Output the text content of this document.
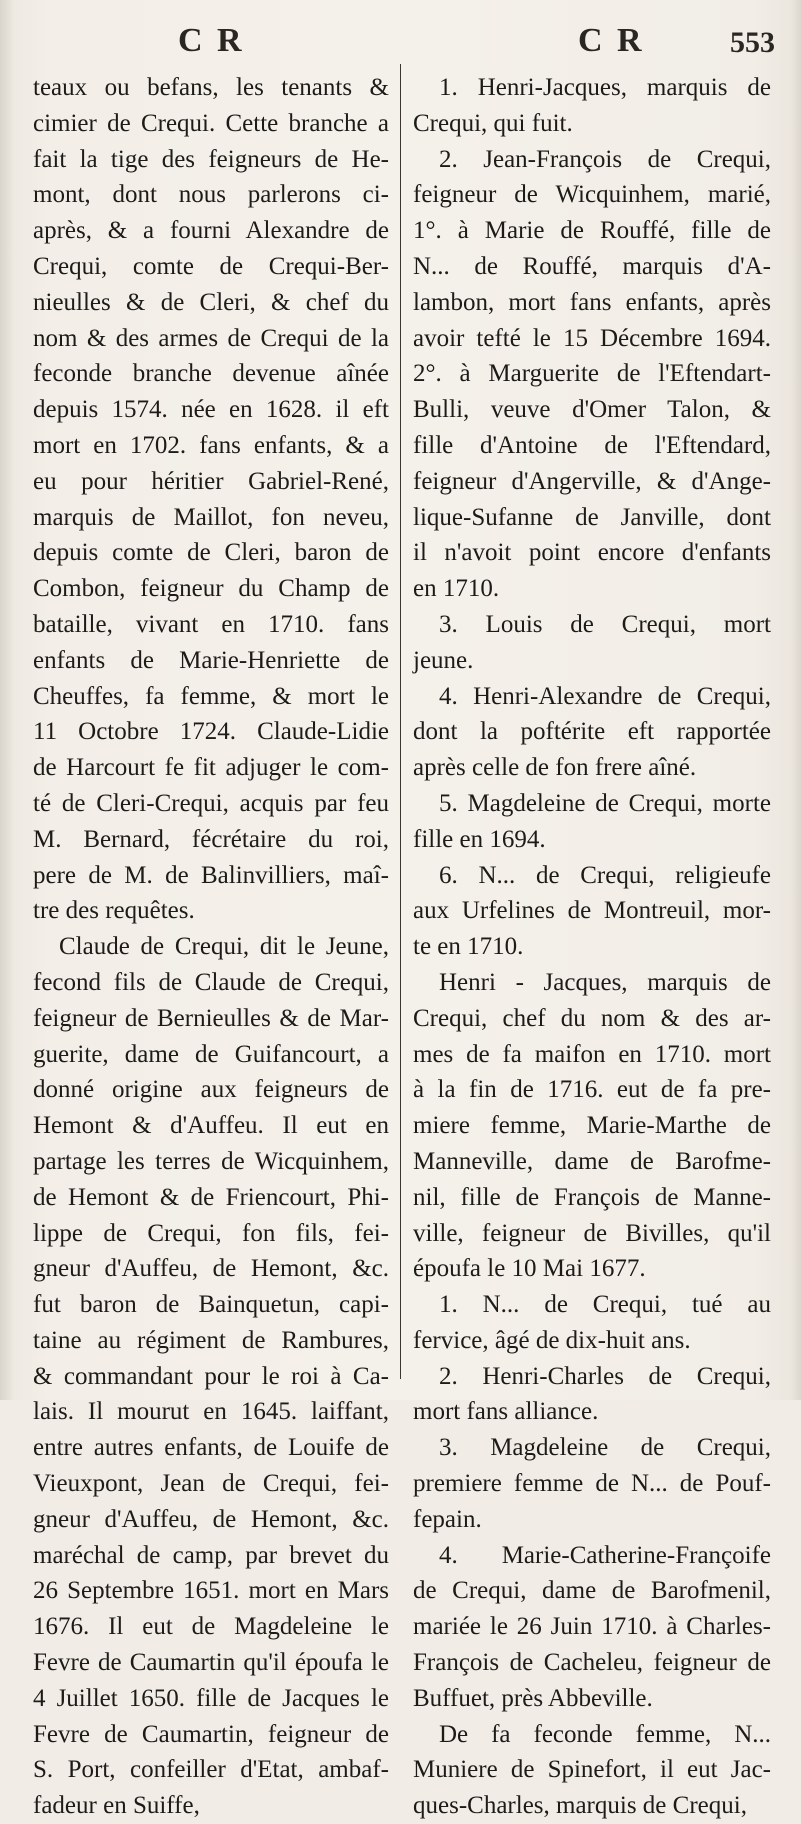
C R	C R	553
teaux ou befans, les tenants &
cimier de Crequi. Cette branche a
fait la tige des feigneurs de He-
mont, dont nous parlerons ci-
après, & a fourni Alexandre de
Crequi, comte de Crequi-Ber-
nieulles & de Cleri, & chef du
nom & des armes de Crequi de la
feconde branche devenue aînée
depuis 1574. née en 1628. il eft
mort en 1702. fans enfants, & a
eu pour héritier Gabriel-René,
marquis de Maillot, fon neveu,
depuis comte de Cleri, baron de
Combon, feigneur du Champ de
bataille, vivant en 1710. fans
enfants de Marie-Henriette de
Cheuffes, fa femme, & mort le
11 Octobre 1724. Claude-Lidie
de Harcourt fe fit adjuger le com-
té de Cleri-Crequi, acquis par feu
M. Bernard, fécrétaire du roi,
pere de M. de Balinvilliers, maî-
tre des requêtes.
Claude de Crequi, dit le Jeune,
fecond fils de Claude de Crequi,
feigneur de Bernieulles & de Mar-
guerite, dame de Guifancourt, a
donné origine aux feigneurs de
Hemont & d'Auffeu. Il eut en
partage les terres de Wicquinhem,
de Hemont & de Friencourt, Phi-
lippe de Crequi, fon fils, fei-
gneur d'Auffeu, de Hemont, &c.
fut baron de Bainquetun, capi-
taine au régiment de Rambures,
& commandant pour le roi à Ca-
lais. Il mourut en 1645. laiffant,
entre autres enfants, de Louife de
Vieuxpont, Jean de Crequi, fei-
gneur d'Auffeu, de Hemont, &c.
maréchal de camp, par brevet du
26 Septembre 1651. mort en Mars
1676. Il eut de Magdeleine le
Fevre de Caumartin qu'il époufa le
4 Juillet 1650. fille de Jacques le
Fevre de Caumartin, feigneur de
S. Port, confeiller d'Etat, ambaf-
fadeur en Suiffe,
1. Henri-Jacques, marquis de
Crequi, qui fuit.
2. Jean-François de Crequi,
feigneur de Wicquinhem, marié,
1°. à Marie de Rouffé, fille de
N... de Rouffé, marquis d'A-
lambon, mort fans enfants, après
avoir tefté le 15 Décembre 1694.
2°. à Marguerite de l'Eftendart-
Bulli, veuve d'Omer Talon, &
fille d'Antoine de l'Eftendard,
feigneur d'Angerville, & d'Ange-
lique-Sufanne de Janville, dont
il n'avoit point encore d'enfants
en 1710.
3. Louis de Crequi, mort
jeune.
4. Henri-Alexandre de Crequi,
dont la poftérite eft rapportée
après celle de fon frere aîné.
5. Magdeleine de Crequi, morte
fille en 1694.
6. N... de Crequi, religieufe
aux Urfelines de Montreuil, mor-
te en 1710.
Henri - Jacques, marquis de
Crequi, chef du nom & des ar-
mes de fa maifon en 1710. mort
à la fin de 1716. eut de fa pre-
miere femme, Marie-Marthe de
Manneville, dame de Barofme-
nil, fille de François de Manne-
ville, feigneur de Bivilles, qu'il
époufa le 10 Mai 1677.
1. N... de Crequi, tué au
fervice, âgé de dix-huit ans.
2. Henri-Charles de Crequi,
mort fans alliance.
3. Magdeleine de Crequi,
premiere femme de N... de Pouf-
fepain.
4. Marie-Catherine-Françoife
de Crequi, dame de Barofmenil,
mariée le 26 Juin 1710. à Charles-
François de Cacheleu, feigneur de
Buffuet, près Abbeville.
De fa feconde femme, N...
Muniere de Spinefort, il eut Jac-
ques-Charles, marquis de Crequi,
